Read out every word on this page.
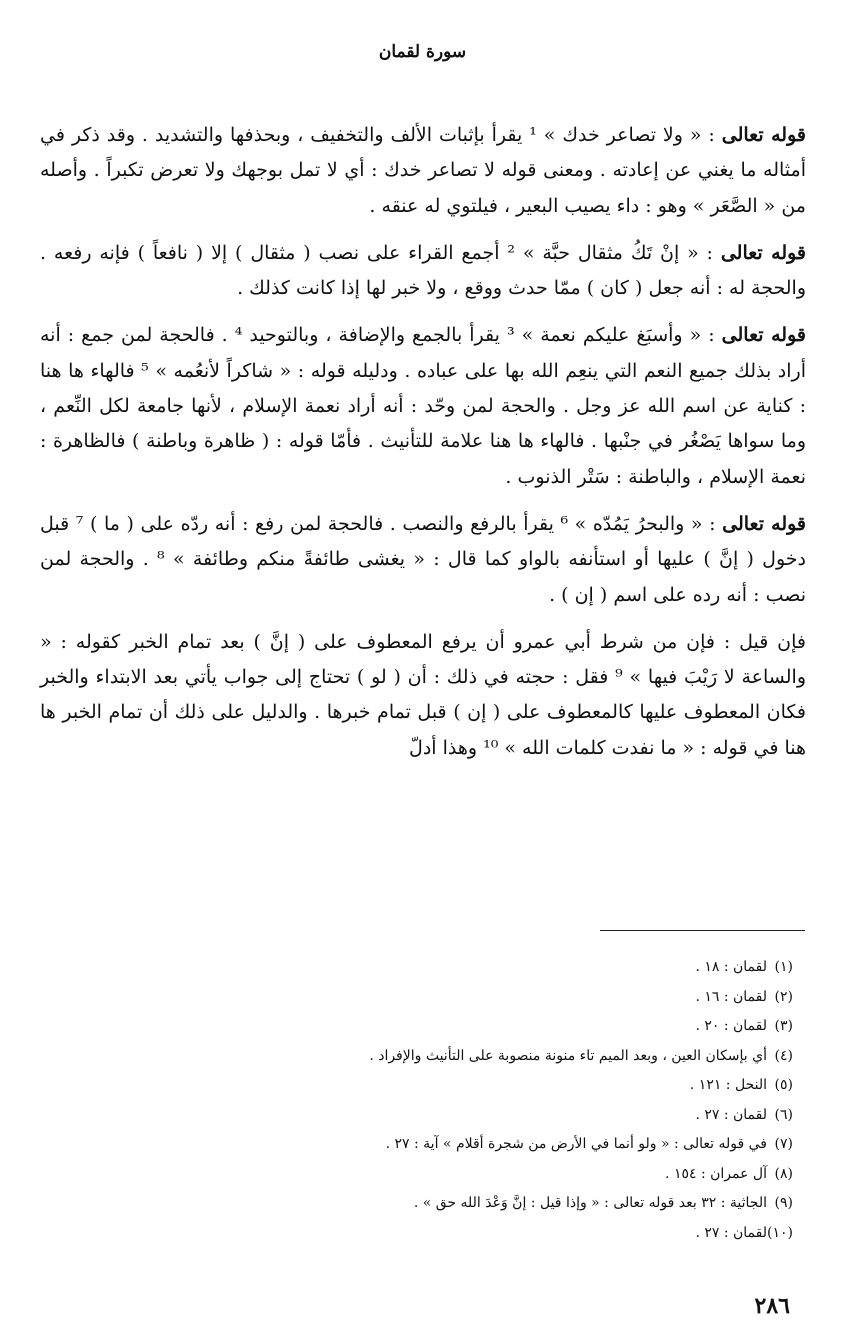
سورة لقمان

قوله تعالى : « ولا تصاعر خدك » ¹ يقرأ بإثبات الألف والتخفيف ، وبحذفها والتشديد . وقد ذكر في أمثاله ما يغني عن إعادته . ومعنى قوله لا تصاعر خدك : أي لا تمل بوجهك ولا تعرض تكبراً . وأصله من « الصَّعَر » وهو : داء يصيب البعير ، فيلتوي له عنقه .

قوله تعالى : « إنْ تَكُ مثقال حبَّة » ² أجمع القراء على نصب ( مثقال ) إلا ( نافعاً ) فإنه رفعه . والحجة له : أنه جعل ( كان ) ممّا حدث ووقع ، ولا خبر لها إذا كانت كذلك .

قوله تعالى : « وأسبَغ عليكم نعمة » ³ يقرأ بالجمع والإضافة ، وبالتوحيد ⁴ . فالحجة لمن جمع : أنه أراد بذلك جميع النعم التي ينعِم الله بها على عباده . ودليله قوله : « شاكراً لأنعُمه » ⁵ فالهاء ها هنا : كناية عن اسم الله عز وجل . والحجة لمن وحّد : أنه أراد نعمة الإسلام ، لأنها جامعة لكل النِّعم ، وما سواها يَصْغُر في جنْبها . فالهاء ها هنا علامة للتأنيث . فأمّا قوله : ( ظاهرة وباطنة ) فالظاهرة : نعمة الإسلام ، والباطنة : سَتْر الذنوب .

قوله تعالى : « والبحرُ يَمُدّه » ⁶ يقرأ بالرفع والنصب . فالحجة لمن رفع : أنه ردّه على ( ما ) ⁷ قبل دخول ( إنَّ ) عليها أو استأنفه بالواو كما قال : « يغشى طائفةً منكم وطائفة » ⁸ . والحجة لمن نصب : أنه رده على اسم ( إن ) .

فإن قيل : فإن من شرط أبي عمرو أن يرفع المعطوف على ( إنَّ ) بعد تمام الخبر كقوله : « والساعة لا رَيْبَ فيها » ⁹ فقل : حجته في ذلك : أن ( لو ) تحتاج إلى جواب يأتي بعد الابتداء والخبر فكان المعطوف عليها كالمعطوف على ( إن ) قبل تمام خبرها . والدليل على ذلك أن تمام الخبر ها هنا في قوله : « ما نفدت كلمات الله » ¹⁰ وهذا أدلّ

(١)
لقمان : ١٨ .
(٢)
لقمان : ١٦ .
(٣)
لقمان : ٢٠ .
(٤)
أي بإسكان العين ، وبعد الميم تاء منونة منصوبة على التأنيث والإفراد .
(٥)
النحل : ١٢١ .
(٦)
لقمان : ٢٧ .
(٧)
في قوله تعالى : « ولو أنما في الأرض من شجرة أقلام » آية : ٢٧ .
(٨)
آل عمران : ١٥٤ .
(٩)
الجاثية : ٣٢ بعد قوله تعالى : « وإذا قيل : إنَّ وَعْدَ الله حق » .
(١٠)
لقمان : ٢٧ .
٢٨٦
